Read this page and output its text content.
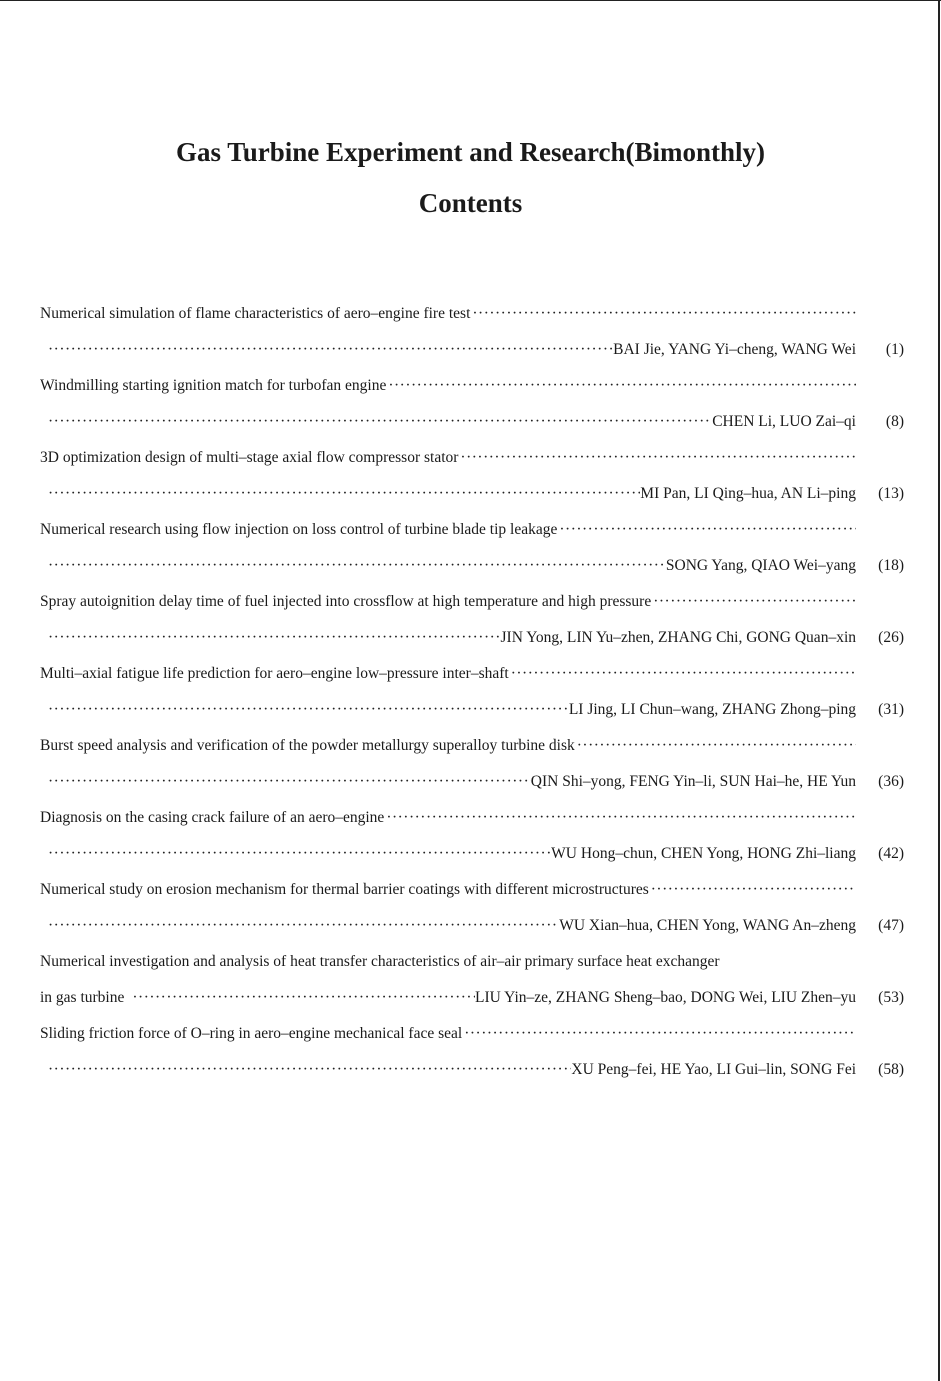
Gas Turbine Experiment and Research(Bimonthly)
Contents
Numerical simulation of flame characteristics of aero–engine fire test
·····
·····
BAI Jie, YANG Yi–cheng, WANG Wei	(1)
Windmilling starting ignition match for turbofan engine
·····
·····
CHEN Li, LUO Zai–qi	(8)
3D optimization design of multi–stage axial flow compressor stator
·····
·····
MI Pan, LI Qing–hua, AN Li–ping	(13)
Numerical research using flow injection on loss control of turbine blade tip leakage
·····
·····
SONG Yang, QIAO Wei–yang	(18)
Spray autoignition delay time of fuel injected into crossflow at high temperature and high pressure
·····
·····
JIN Yong, LIN Yu–zhen, ZHANG Chi, GONG Quan–xin	(26)
Multi–axial fatigue life prediction for aero–engine low–pressure inter–shaft
·····
·····
LI Jing, LI Chun–wang, ZHANG Zhong–ping	(31)
Burst speed analysis and verification of the powder metallurgy superalloy turbine disk
·····
·····
QIN Shi–yong, FENG Yin–li, SUN Hai–he, HE Yun	(36)
Diagnosis on the casing crack failure of an aero–engine
·····
·····
WU Hong–chun, CHEN Yong, HONG Zhi–liang	(42)
Numerical study on erosion mechanism for thermal barrier coatings with different microstructures
·····
·····
WU Xian–hua, CHEN Yong, WANG An–zheng	(47)
Numerical investigation and analysis of heat transfer characteristics of air–air primary surface heat exchanger
in gas turbine
·····	LIU Yin–ze, ZHANG Sheng–bao, DONG Wei, LIU Zhen–yu	(53)
Sliding friction force of O–ring in aero–engine mechanical face seal
·····
·····
XU Peng–fei, HE Yao, LI Gui–lin, SONG Fei	(58)
